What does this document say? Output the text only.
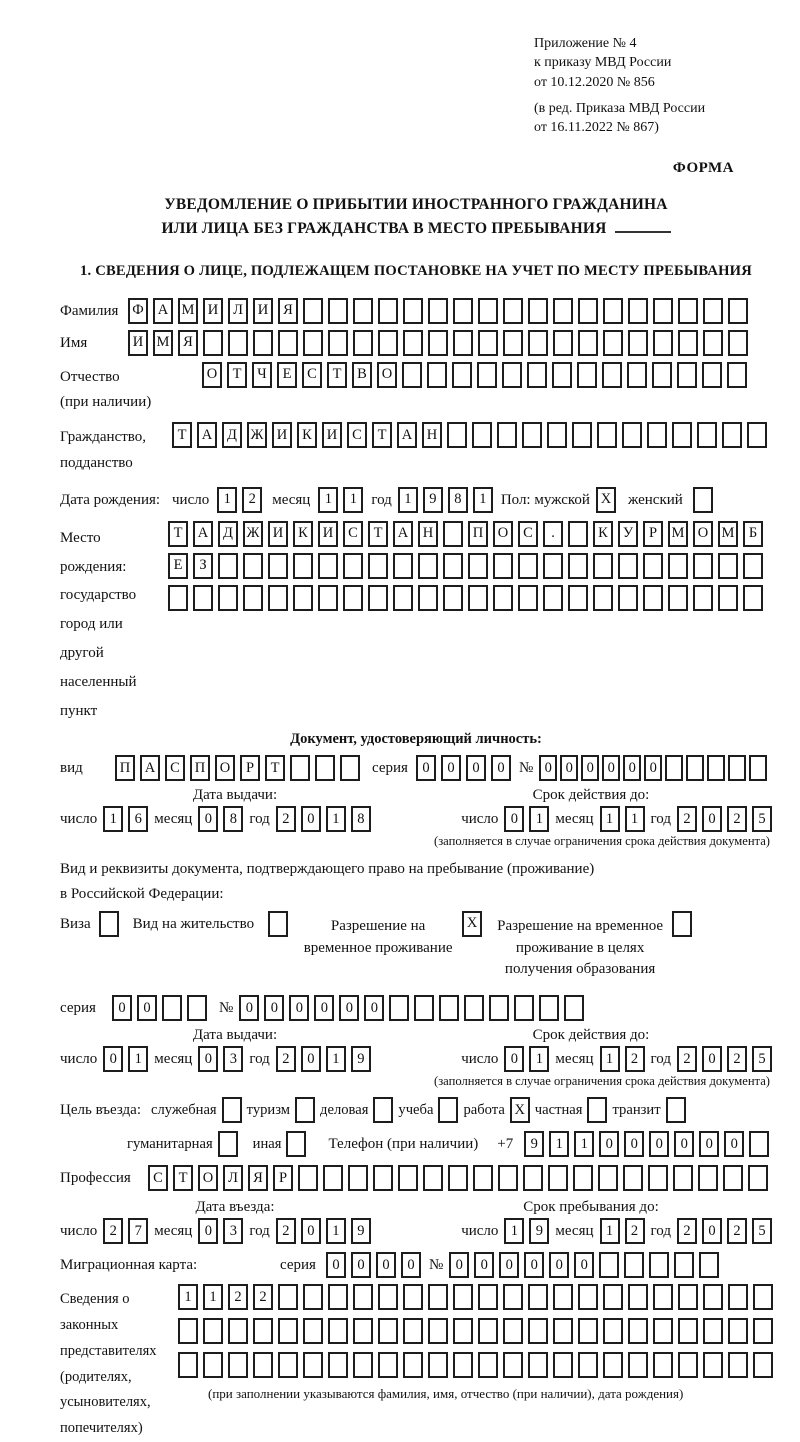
Приложение № 4
к приказу МВД России
от 10.12.2020 № 856
(в ред. Приказа МВД России
от 16.11.2022 № 867)
ФОРМА
УВЕДОМЛЕНИЕ О ПРИБЫТИИ ИНОСТРАННОГО ГРАЖДАНИНА
ИЛИ ЛИЦА БЕЗ ГРАЖДАНСТВА В МЕСТО ПРЕБЫВАНИЯ
1. СВЕДЕНИЯ О ЛИЦЕ, ПОДЛЕЖАЩЕМ ПОСТАНОВКЕ НА УЧЕТ ПО МЕСТУ ПРЕБЫВАНИЯ
Фамилия Ф А М И	Л	И	Я
Имя	И М Я
Отчество
(при наличии)
О	Т	Ч	Е	С	Т	В	О
Гражданство,
подданство
Т	А	Д Ж И	К	И	С	Т	А	Н
Дата рождения: число 1	2	месяц 1	1 год 1	9	8	1 Пол: мужской X	женский
Место рождения:
государство
город или другой
населенный пункт
Т	А	Д Ж И	К	И	С	Т	А	Н	П	О	С	.	К	У	Р	М О М Б
Е	З
Документ, удостоверяющий личность:
вид	П	А	С	П	О	Р	Т	серия 0	0	0	0 № 0 0 0 0 0 0
Дата выдачи:	Срок действия до:
число 1	6 месяц 0	8 год 2	0	1	8	число 0	1 месяц 1	1 год 2	0	2	5
(заполняется в случае ограничения срока действия документа)
Вид и реквизиты документа, подтверждающего право на пребывание (проживание)
в Российской Федерации:
Виза	Вид на жительство	Разрешение на временное проживание
X	Разрешение на временное проживание в целях получения образования
серия	0	0	№ 0	0	0	0	0	0
Дата выдачи:	Срок действия до:
число 0	1 месяц 0	3 год 2	0	1	9	число 0	1 месяц 1	2 год 2	0	2	5
(заполняется в случае ограничения срока действия документа)
Цель въезда: служебная	туризм	деловая	учеба	работа X частная	транзит
гуманитарная	иная	Телефон (при наличии)	+7	9	1	1	0	0	0	0	0	0
Профессия	С	Т	О	Л	Я	Р
Дата въезда:	Срок пребывания до:
число 2	7 месяц 0	3 год 2	0	1	9	число 1	9 месяц 1	2 год 2	0	2	5
Миграционная карта:	серия	0	0	0	0 № 0	0	0	0	0	0
Сведения о
законных
представителях
(родителях,
усыновителях,
попечителях)
1	1	2	2
(при заполнении указываются фамилия, имя, отчество (при наличии), дата рождения)
